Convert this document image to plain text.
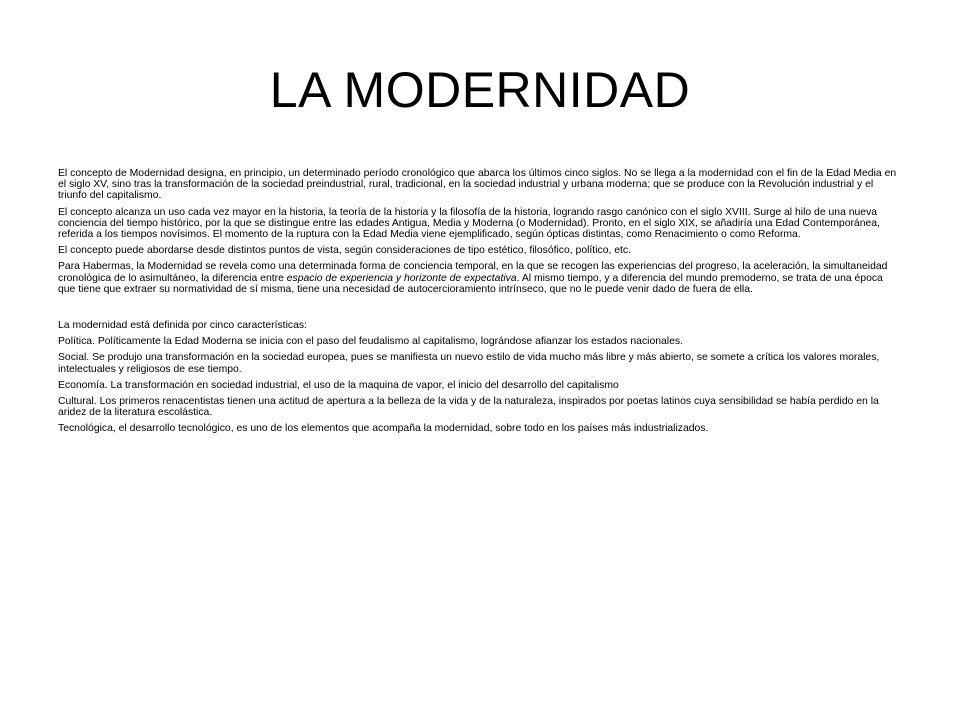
LA MODERNIDAD

El concepto de Modernidad designa, en principio, un determinado período cronológico que abarca los últimos cinco siglos. No se llega a la modernidad con el fin de la Edad Media en el siglo XV, sino tras la transformación de la sociedad preindustrial, rural, tradicional, en la sociedad industrial y urbana moderna; que se produce con la Revolución industrial y el triunfo del capitalismo.

El concepto alcanza un uso cada vez mayor en la historia, la teoría de la historia y la filosofía de la historia, logrando rasgo canónico con el siglo XVIII. Surge al hilo de una nueva conciencia del tiempo histórico, por la que se distingue entre las edades Antigua, Media y Moderna (o Modernidad). Pronto, en el siglo XIX, se añadiría una Edad Contemporánea, referida a los tiempos novísimos. El momento de la ruptura con la Edad Media viene ejemplificado, según ópticas distintas, como Renacimiento o como Reforma.

El concepto puede abordarse desde distintos puntos de vista, según consideraciones de tipo estético, filosófico, político, etc.

Para Habermas, la Modernidad se revela como una determinada forma de conciencia temporal, en la que se recogen las experiencias del progreso, la aceleración, la simultaneidad cronológica de lo asimultáneo, la diferencia entre espacio de experiencia y horizonte de expectativa. Al mismo tiempo, y a diferencia del mundo premoderno, se trata de una época que tiene que extraer su normatividad de sí misma, tiene una necesidad de autocercioramiento intrínseco, que no le puede venir dado de fuera de ella.

La modernidad está definida por cinco características:

Política. Políticamente la Edad Moderna se inicia con el paso del feudalismo al capitalismo, lográndose afianzar los estados nacionales.

Social. Se produjo una transformación en la sociedad europea, pues se manifiesta un nuevo estilo de vida mucho más libre y más abierto, se somete a crítica los valores morales, intelectuales y religiosos de ese tiempo.

Economía. La transformación en sociedad industrial, el uso de la maquina de vapor, el inicio del desarrollo del capitalismo

Cultural. Los primeros renacentistas tienen una actitud de apertura a la belleza de la vida y de la naturaleza, inspirados por poetas latinos cuya sensibilidad se había perdido en la aridez de la literatura escolástica.

Tecnológica, el desarrollo tecnológico, es uno de los elementos que acompaña la modernidad, sobre todo en los países más industrializados.
